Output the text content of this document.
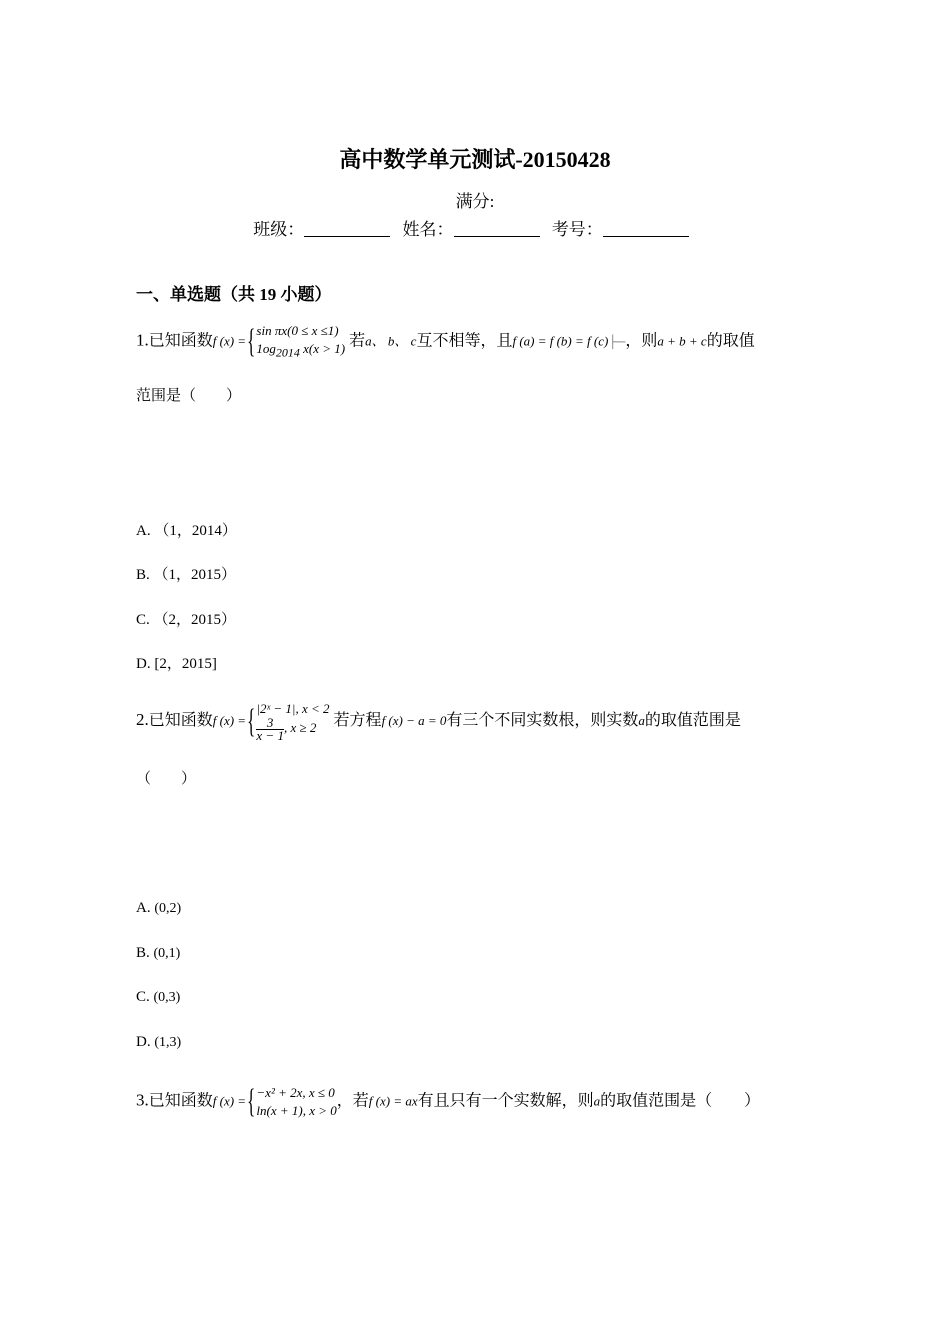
高中数学单元测试-20150428
满分:
班级：	姓名：	考号：
一、单选题（共 19 小题）
1.已知函数f (x) ={sin πx(0 ≤ x ≤1)
$1og_{2014}$ x(x > 1) 若a、 b、 c互不相等，且f (a) = f (b) = f (c)├─，则a + b + c的取值
范围是（　　）
A. （1，2014）
B. （1，2015）
C. （2，2015）
D. [2，2015]
2.已知函数f (x) ={|2ˣ − 1|, x < 2
$\frac{3}{x - 1}$, x ≥ 2 若方程f (x) − a = 0有三个不同实数根，则实数a的取值范围是
（　　）
A. (0,2)
B. (0,1)
C. (0,3)
D. (1,3)
3.已知函数f (x) ={−x² + 2x, x ≤ 0
ln(x + 1), x > 0，若f (x) = ax有且只有一个实数解，则a的取值范围是（　　）
